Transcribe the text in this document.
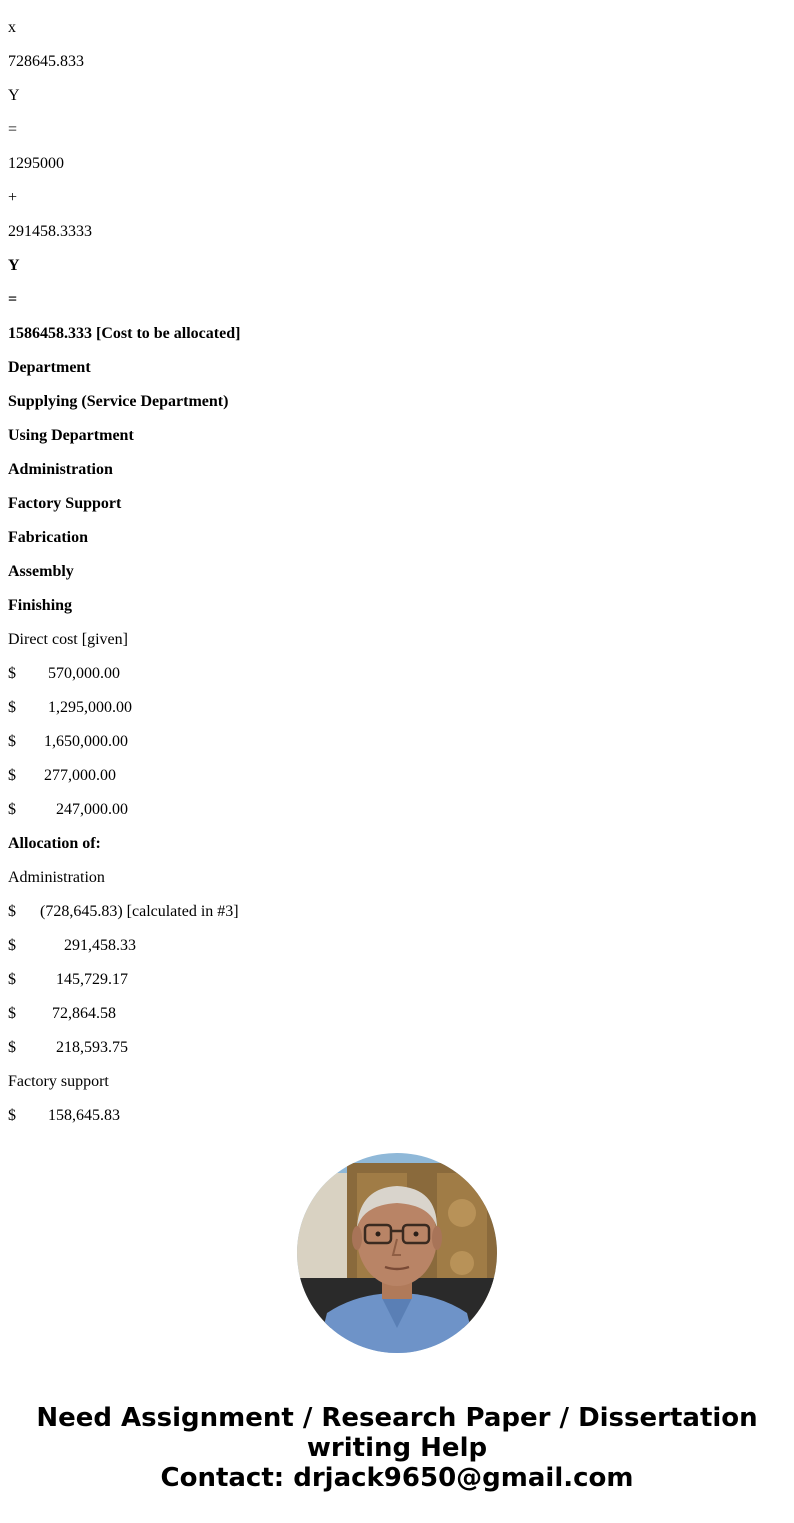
x
728645.833
Y
=
1295000
+
291458.3333
Y
=
1586458.333 [Cost to be allocated]
Department
Supplying (Service Department)
Using Department
Administration
Factory Support
Fabrication
Assembly
Finishing
Direct cost [given]
$        570,000.00
$        1,295,000.00
$       1,650,000.00
$       277,000.00
$          247,000.00
Allocation of:
Administration
$      (728,645.83) [calculated in #3]
$            291,458.33
$          145,729.17
$         72,864.58
$          218,593.75
Factory support
$        158,645.83
Need Assignment / Research Paper / Dissertation
writing Help
Contact: drjack9650@gmail.com
